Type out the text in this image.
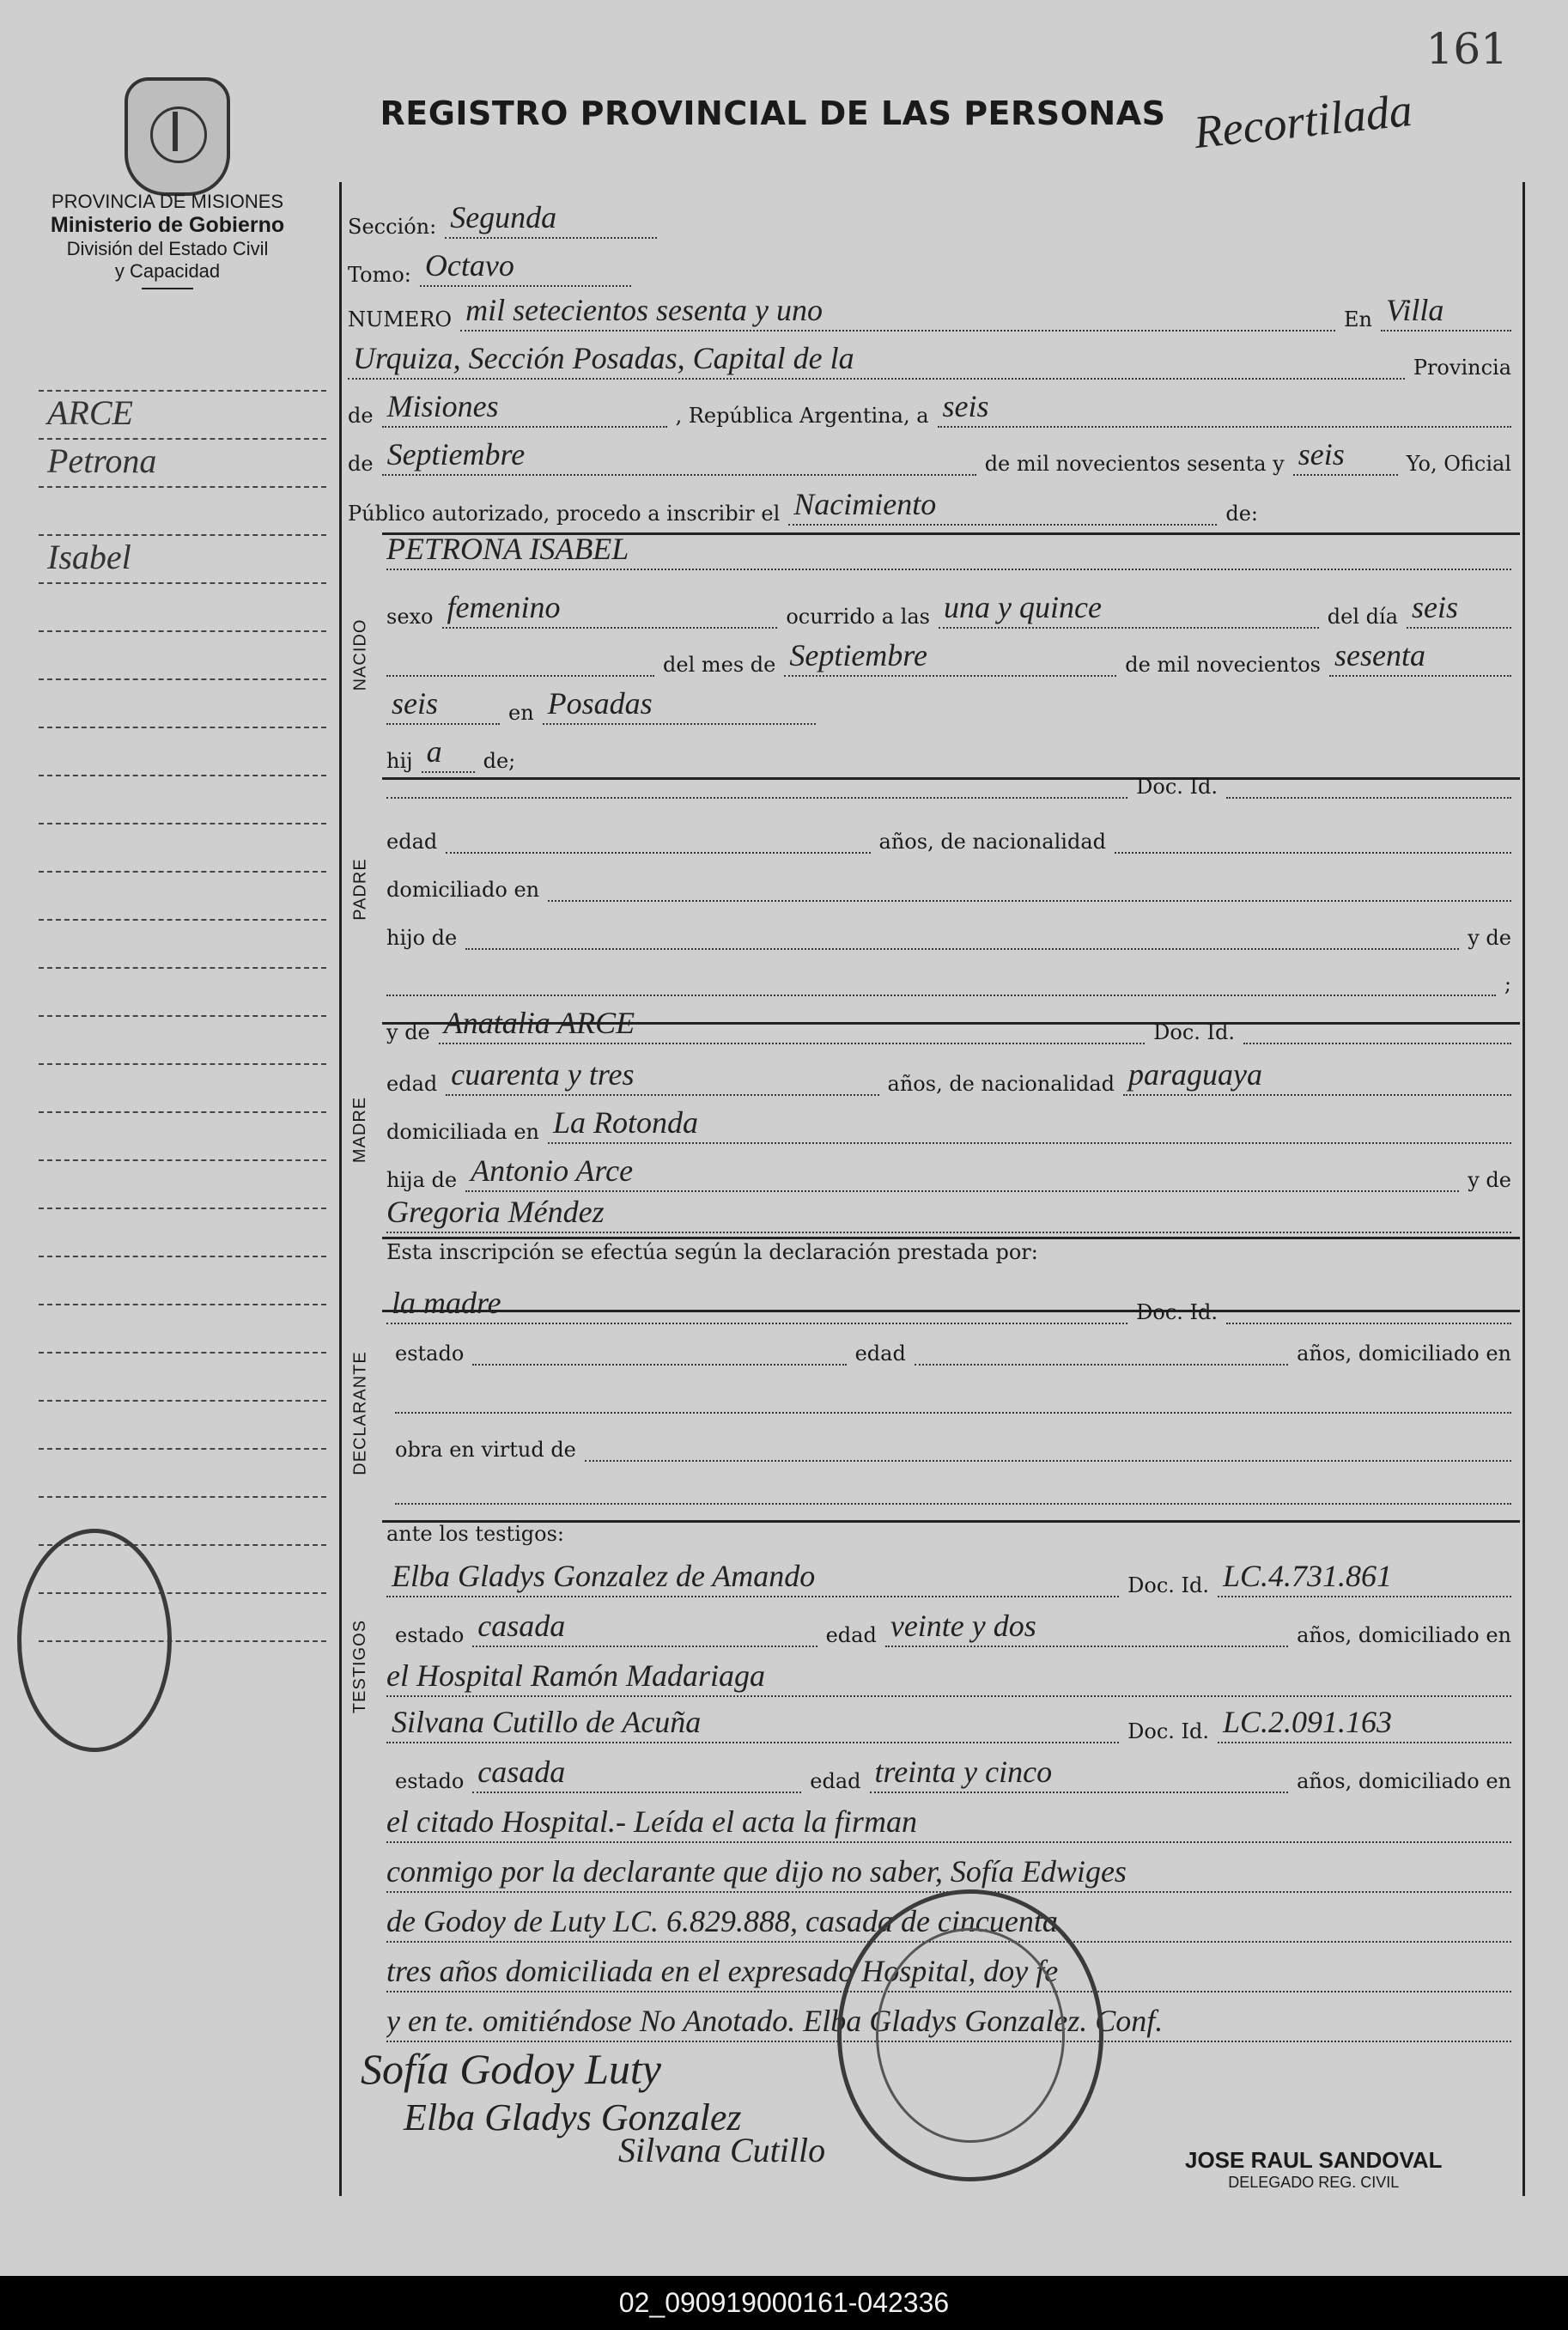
161
PROVINCIA DE MISIONES
Ministerio de Gobierno
División del Estado Civil
y Capacidad
REGISTRO PROVINCIAL DE LAS PERSONAS Recortilada
ARCE
Petrona
Isabel
Sección: Segunda
Tomo: Octavo
NUMERO mil setecientos sesenta y uno	En Villa
Urquiza, Sección Posadas, Capital de la	Provincia
de Misiones	, República Argentina, a seis
de Septiembre	de mil novecientos sesenta y seis	Yo, Oficial
Público autorizado, procedo a inscribir el Nacimiento	de:
NACIDO
PETRONA ISABEL
sexo femenino	ocurrido a las una y quince	del día seis
del mes de Septiembre	de mil novecientos sesenta
seis	en Posadas
hij a	de;
PADRE
Doc. Id.
edad	años, de nacionalidad
domiciliado en
hijo de	y de
;
MADRE
y de Anatalia ARCE	Doc. Id.
edad cuarenta y tres	años, de nacionalidad paraguaya
domiciliada en La Rotonda
hija de Antonio Arce	y de
Gregoria Méndez
Esta inscripción se efectúa según la declaración prestada por:
DECLARANTE
la madre	Doc. Id.
estado	edad	años, domiciliado en
obra en virtud de
TESTIGOS
ante los testigos:
Elba Gladys Gonzalez de Amando	Doc. Id. LC.4.731.861
estado casada	edad veinte y dos	años, domiciliado en
el Hospital Ramón Madariaga
Silvana Cutillo de Acuña	Doc. Id. LC.2.091.163
estado casada	edad treinta y cinco	años, domiciliado en
el citado Hospital.- Leída el acta la firman
conmigo por la declarante que dijo no saber, Sofía Edwiges
de Godoy de Luty LC. 6.829.888, casada de cincuenta
tres años domiciliada en el expresado Hospital, doy fe
y en te. omitiéndose No Anotado. Elba Gladys Gonzalez. Conf.
Sofía Godoy Luty
Elba Gladys Gonzalez
Silvana Cutillo	JOSE RAUL SANDOVAL
DELEGADO REG. CIVIL
02_090919000161-042336
